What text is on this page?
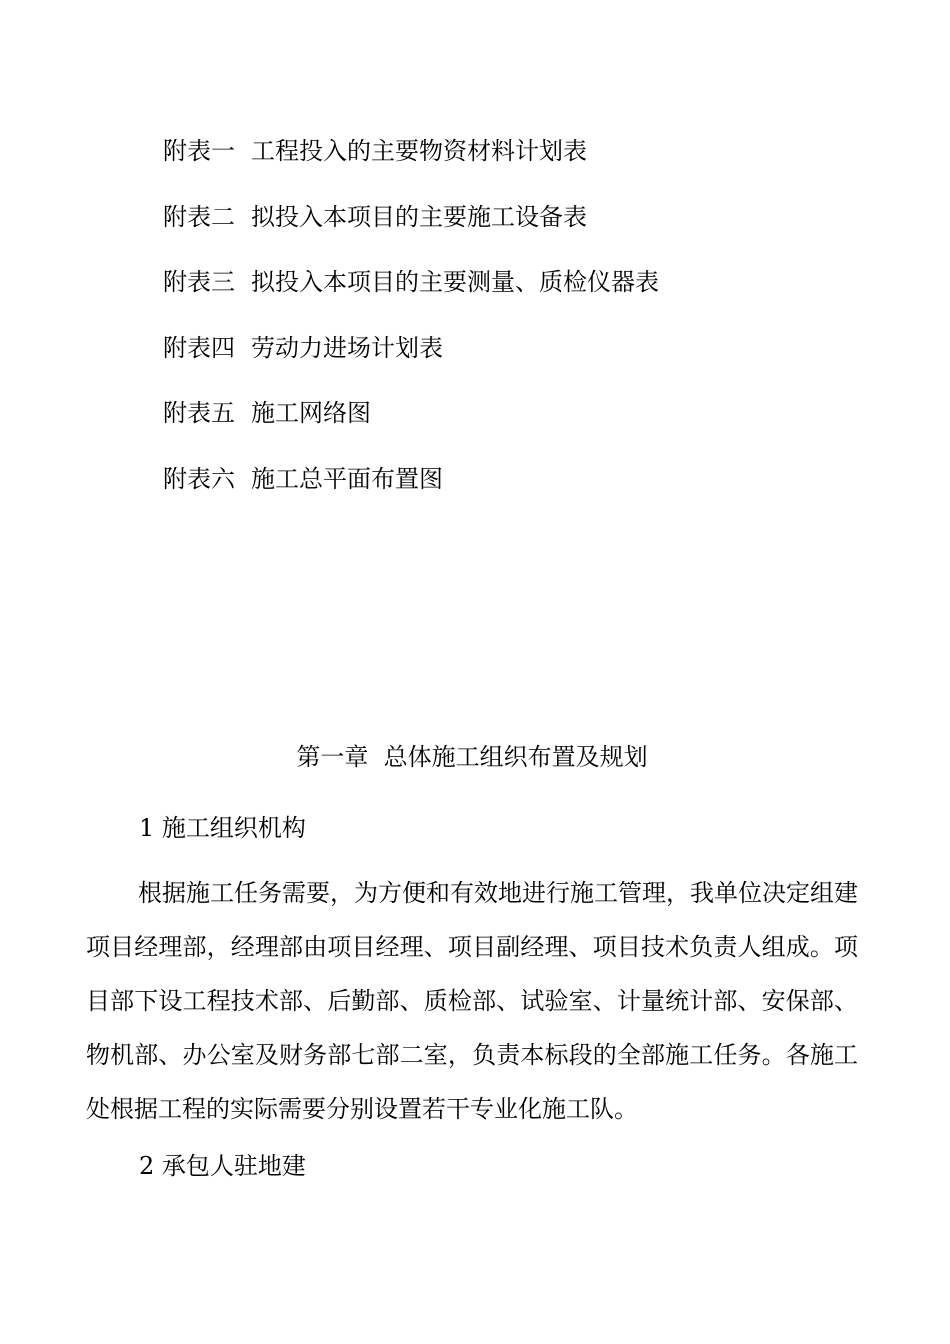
附表一 工程投入的主要物资材料计划表
附表二 拟投入本项目的主要施工设备表
附表三 拟投入本项目的主要测量、质检仪器表
附表四 劳动力进场计划表
附表五 施工网络图
附表六 施工总平面布置图
第一章  总体施工组织布置及规划
1 施工组织机构

根据施工任务需要，为方便和有效地进行施工管理，我单位决定组建项目经理部，经理部由项目经理、项目副经理、项目技术负责人组成。项目部下设工程技术部、后勤部、质检部、试验室、计量统计部、安保部、物机部、办公室及财务部七部二室，负责本标段的全部施工任务。各施工处根据工程的实际需要分别设置若干专业化施工队。

2 承包人驻地建
